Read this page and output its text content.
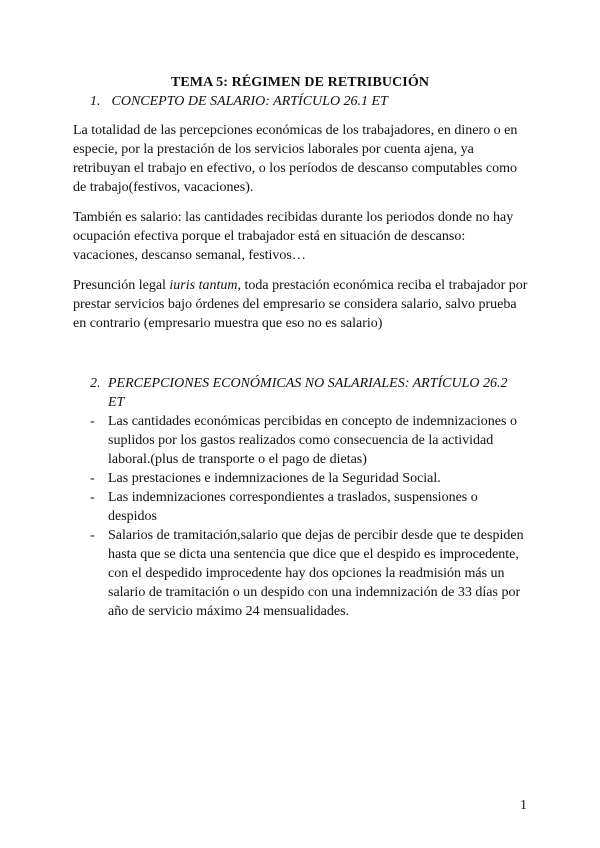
TEMA 5: RÉGIMEN DE RETRIBUCIÓN
1. CONCEPTO DE SALARIO: ARTÍCULO 26.1 ET
La totalidad de las percepciones económicas de los trabajadores, en dinero o en especie, por la prestación de los servicios laborales por cuenta ajena, ya retribuyan el trabajo en efectivo, o los períodos de descanso computables como de trabajo(festivos, vacaciones).
También es salario: las cantidades recibidas durante los periodos donde no hay ocupación efectiva porque el trabajador está en situación de descanso: vacaciones, descanso semanal, festivos…
Presunción legal iuris tantum, toda prestación económica reciba el trabajador por prestar servicios bajo órdenes del empresario se considera salario, salvo prueba en contrario (empresario muestra que eso no es salario)
2. PERCEPCIONES ECONÓMICAS NO SALARIALES: ARTÍCULO 26.2 ET
- Las cantidades económicas percibidas en concepto de indemnizaciones o suplidos por los gastos realizados como consecuencia de la actividad laboral.(plus de transporte o el pago de dietas)
- Las prestaciones e indemnizaciones de la Seguridad Social.
- Las indemnizaciones correspondientes a traslados, suspensiones o despidos
- Salarios de tramitación,salario que dejas de percibir desde que te despiden hasta que se dicta una sentencia que dice que el despido es improcedente, con el despedido improcedente hay dos opciones la readmisión más un salario de tramitación o un despido con una indemnización de 33 días por año de servicio máximo 24 mensualidades.
1
